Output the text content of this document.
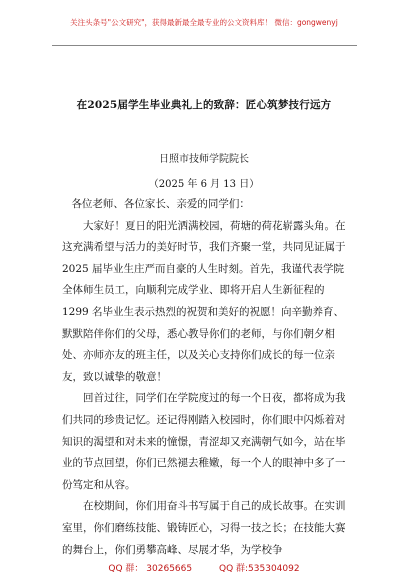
关注头条号"公文研究"，获得最新最全最专业的公文资料库！ 微信：gongwenyj
在2025届学生毕业典礼上的致辞：匠心筑梦技行远方
日照市技师学院院长
（2025 年 6 月 13 日）

各位老师、各位家长、亲爱的同学们：

大家好！夏日的阳光洒满校园，荷塘的荷花崭露头角。在这充满希望与活力的美好时节，我们齐聚一堂，共同见证属于 2025 届毕业生庄严而自豪的人生时刻。首先，我谨代表学院全体师生员工，向顺利完成学业、即将开启人生新征程的 1299 名毕业生表示热烈的祝贺和美好的祝愿！向辛勤养育、默默陪伴你们的父母，悉心教导你们的老师，与你们朝夕相处、亦师亦友的班主任，以及关心支持你们成长的每一位亲友，致以诚挚的敬意！

回首过往，同学们在学院度过的每一个日夜，都将成为我们共同的珍贵记忆。还记得刚踏入校园时，你们眼中闪烁着对知识的渴望和对未来的憧憬，青涩却又充满朝气如今，站在毕业的节点回望，你们已然褪去稚嫩，每一个人的眼神中多了一份笃定和从容。

在校期间，你们用奋斗书写属于自己的成长故事。在实训室里，你们磨练技能、锻铸匠心，习得一技之长；在技能大赛的舞台上，你们勇攀高峰、尽展才华，为学校争

QQ 群： 30265665	QQ 群:535304092
